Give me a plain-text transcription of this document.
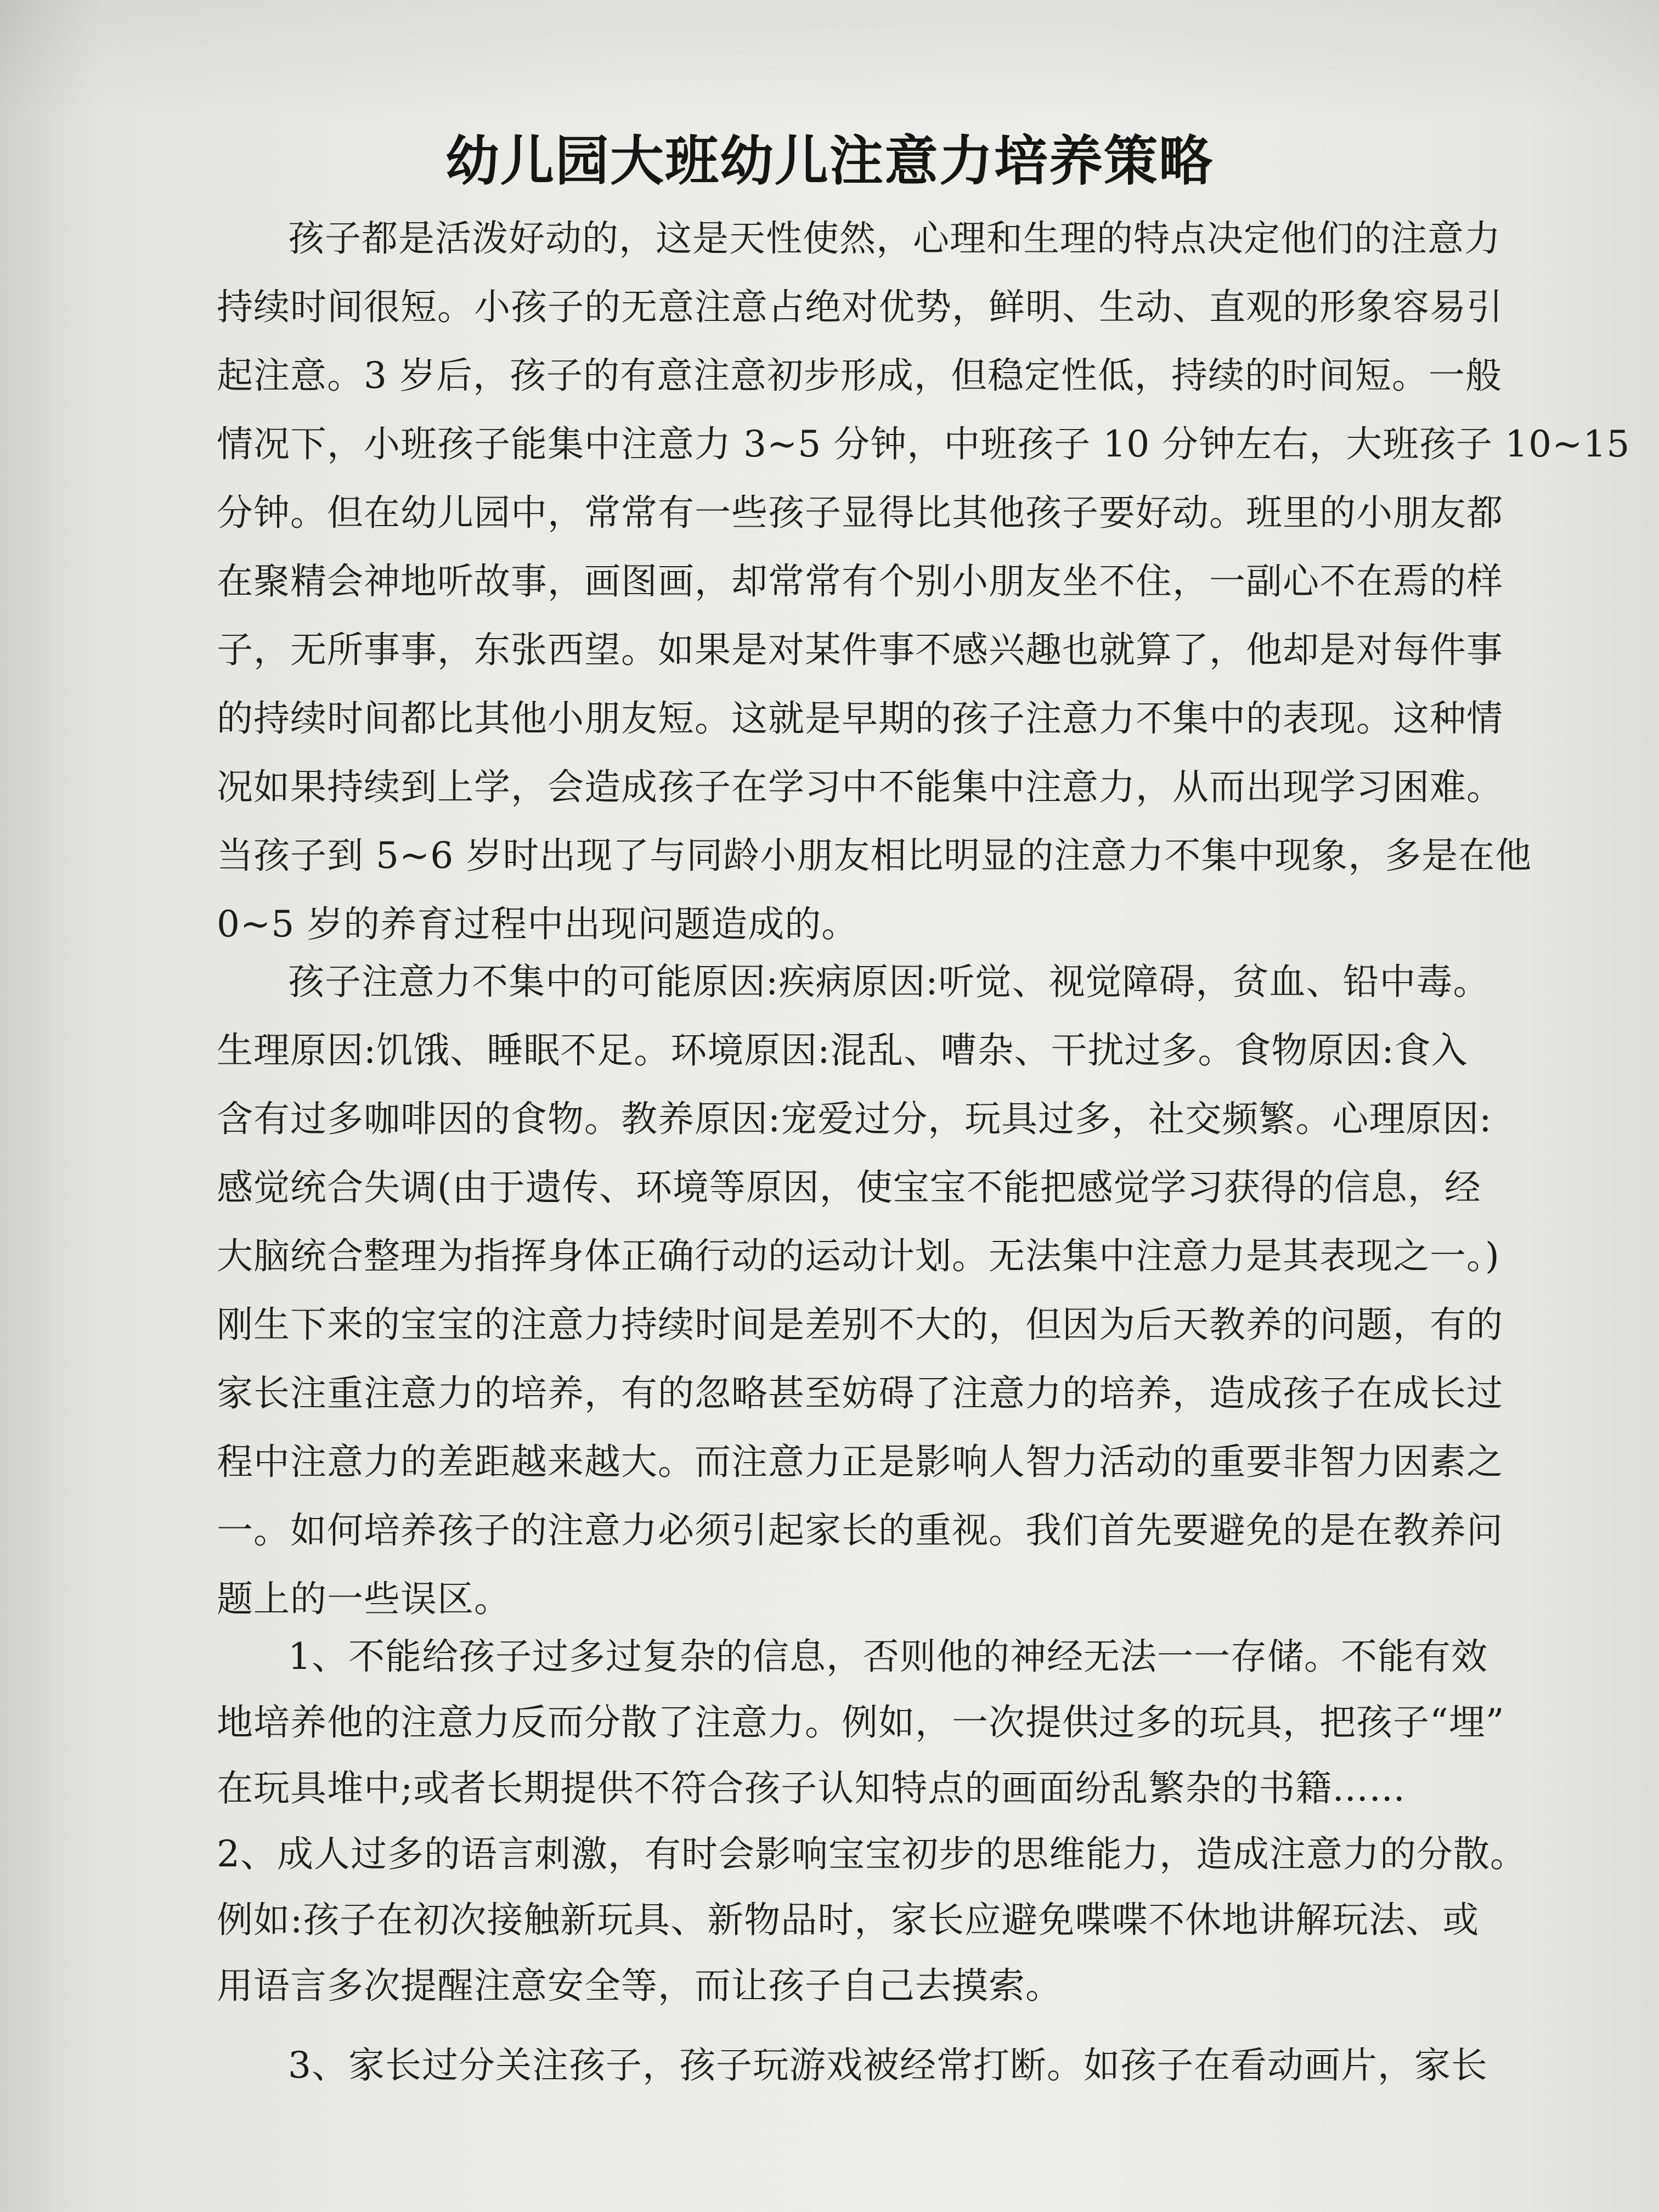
幼儿园大班幼儿注意力培养策略
孩子都是活泼好动的，这是天性使然，心理和生理的特点决定他们的注意力
持续时间很短。小孩子的无意注意占绝对优势，鲜明、生动、直观的形象容易引
起注意。3 岁后，孩子的有意注意初步形成，但稳定性低，持续的时间短。一般
情况下，小班孩子能集中注意力 3~5 分钟，中班孩子 10 分钟左右，大班孩子 10~15
分钟。但在幼儿园中，常常有一些孩子显得比其他孩子要好动。班里的小朋友都
在聚精会神地听故事，画图画，却常常有个别小朋友坐不住，一副心不在焉的样
子，无所事事，东张西望。如果是对某件事不感兴趣也就算了，他却是对每件事
的持续时间都比其他小朋友短。这就是早期的孩子注意力不集中的表现。这种情
况如果持续到上学，会造成孩子在学习中不能集中注意力，从而出现学习困难。
当孩子到 5~6 岁时出现了与同龄小朋友相比明显的注意力不集中现象，多是在他
0~5 岁的养育过程中出现问题造成的。
孩子注意力不集中的可能原因:疾病原因:听觉、视觉障碍，贫血、铅中毒。
生理原因:饥饿、睡眠不足。环境原因:混乱、嘈杂、干扰过多。食物原因:食入
含有过多咖啡因的食物。教养原因:宠爱过分，玩具过多，社交频繁。心理原因:
感觉统合失调(由于遗传、环境等原因，使宝宝不能把感觉学习获得的信息，经
大脑统合整理为指挥身体正确行动的运动计划。无法集中注意力是其表现之一。)
刚生下来的宝宝的注意力持续时间是差别不大的，但因为后天教养的问题，有的
家长注重注意力的培养，有的忽略甚至妨碍了注意力的培养，造成孩子在成长过
程中注意力的差距越来越大。而注意力正是影响人智力活动的重要非智力因素之
一。如何培养孩子的注意力必须引起家长的重视。我们首先要避免的是在教养问
题上的一些误区。
1、不能给孩子过多过复杂的信息，否则他的神经无法一一存储。不能有效
地培养他的注意力反而分散了注意力。例如，一次提供过多的玩具，把孩子“埋”
在玩具堆中;或者长期提供不符合孩子认知特点的画面纷乱繁杂的书籍……
2、成人过多的语言刺激，有时会影响宝宝初步的思维能力，造成注意力的分散。
例如:孩子在初次接触新玩具、新物品时，家长应避免喋喋不休地讲解玩法、或
用语言多次提醒注意安全等，而让孩子自己去摸索。
3、家长过分关注孩子，孩子玩游戏被经常打断。如孩子在看动画片，家长
